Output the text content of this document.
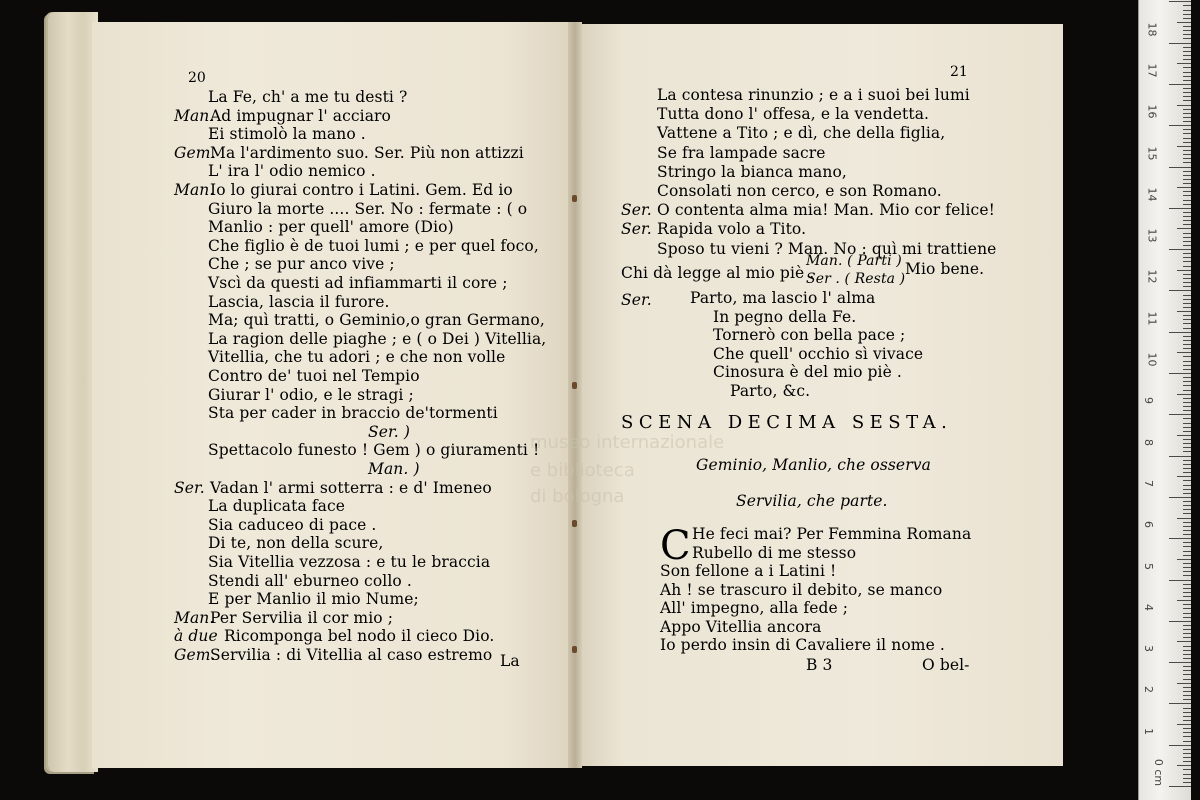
museo internazionale
e biblioteca
di bologna
20
La Fe, ch' a me tu desti ?
Man.
Ad impugnar l' acciaro
Ei stimolò la mano .
Gem.
Ma l'ardimento suo. Ser. Più non attizzi
L' ira l' odio nemico .
Man.
Io lo giurai contro i Latini. Gem. Ed io
Giuro la morte .... Ser. No : fermate : ( o
Manlio : per quell' amore (Dio)
Che figlio è de tuoi lumi ; e per quel foco,
Che ; se pur anco vive ;
Vscì da questi ad infiammarti il core ;
Lascia, lascia il furore.
Ma; quì tratti, o Geminio,o gran Germano,
La ragion delle piaghe ; e ( o Dei ) Vitellia,
Vitellia, che tu adori ; e che non volle
Contro de' tuoi nel Tempio
Giurar l' odio, e le stragi ;
Sta per cader in braccio de'tormenti
Ser. )
Spettacolo funesto ! Gem ) o giuramenti !
Man. )
Ser. Vadan l' armi sotterra : e d' Imeneo
La duplicata face
Sia caduceo di pace .
Di te, non della scure,
Sia Vitellia vezzosa : e tu le braccia
Stendi all' eburneo collo .
E per Manlio il mio Nume;
Man.
Per Servilia il cor mio ;
à due Ricomponga bel nodo il cieco Dio.
Gem.
Servilia : di Vitellia al caso estremo La
21
La contesa rinunzio ; e a i suoi bei lumi
Tutta dono l' offesa, e la vendetta.
Vattene a Tito ; e dì, che della figlia,
Se fra lampade sacre
Stringo la bianca mano,
Consolati non cerco, e son Romano.
Ser. O contenta alma mia! Man. Mio cor felice!
Ser. Rapida volo a Tito.
Sposo tu vieni ? Man. No : quì mi trattiene
Chi dà legge al mio piè .
Man. ( Parti )
Ser . ( Resta )
Mio bene.
Ser. Parto, ma lascio l' alma
In pegno della Fe.
Tornerò con bella pace ;
Che quell' occhio sì vivace
Cinosura è del mio piè .
Parto, &c.
SCENA DECIMA SESTA.
Geminio, Manlio, che osserva
Servilia, che parte.
C He feci mai? Per Femmina Romana
Rubello di me stesso
Son fellone a i Latini !
Ah ! se trascuro il debito, se manco
All' impegno, alla fede ;
Appo Vitellia ancora
Io perdo insin di Cavaliere il nome .
B 3	O bel-
0 cm
1
2
3
4
5
6
7
8
9
10
11
12
13
14
15
16
17
18
